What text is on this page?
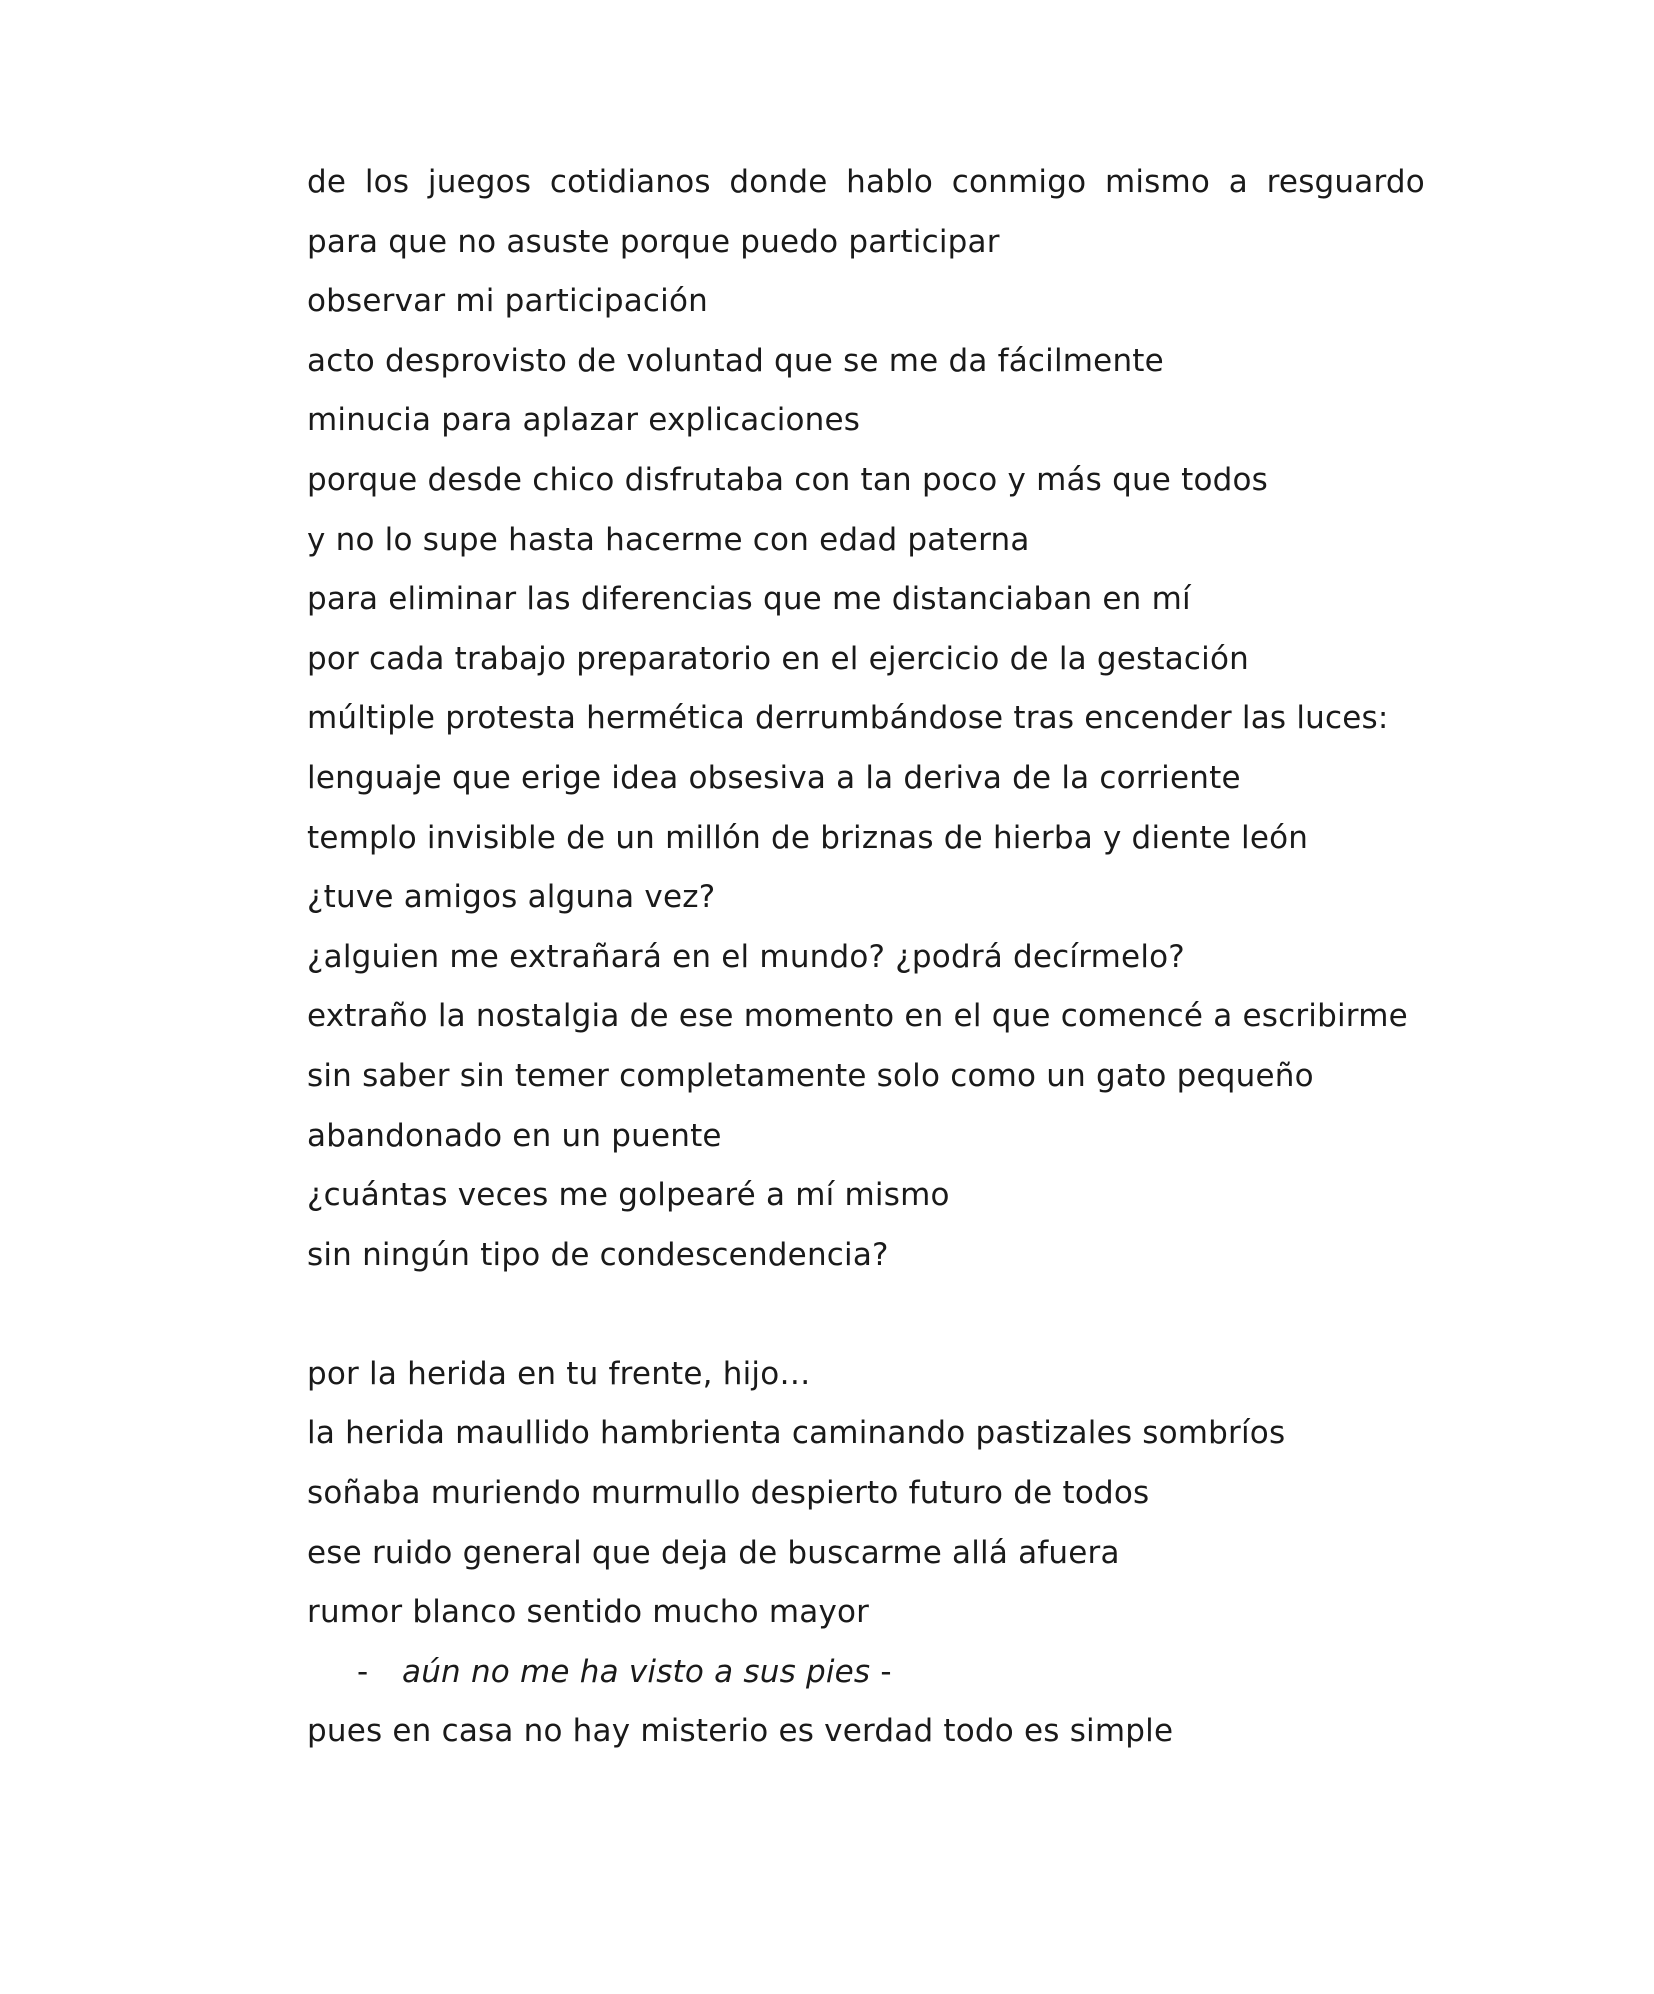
de los juegos cotidianos donde hablo conmigo mismo a resguardo
para que no asuste porque puedo participar
observar mi participación
acto desprovisto de voluntad que se me da fácilmente
minucia para aplazar explicaciones
porque desde chico disfrutaba con tan poco y más que todos
y no lo supe hasta hacerme con edad paterna
para eliminar las diferencias que me distanciaban en mí
por cada trabajo preparatorio en el ejercicio de la gestación
múltiple protesta hermética derrumbándose tras encender las luces:
lenguaje que erige idea obsesiva a la deriva de la corriente
templo invisible de un millón de briznas de hierba y diente león
¿tuve amigos alguna vez?
¿alguien me extrañará en el mundo? ¿podrá decírmelo?
extraño la nostalgia de ese momento en el que comencé a escribirme
sin saber sin temer completamente solo como un gato pequeño
abandonado en un puente
¿cuántas veces me golpearé a mí mismo
sin ningún tipo de condescendencia?
por la herida en tu frente, hijo…
la herida maullido hambrienta caminando pastizales sombríos
soñaba muriendo murmullo despierto futuro de todos
ese ruido general que deja de buscarme allá afuera
rumor blanco sentido mucho mayor
- aún no me ha visto a sus pies -
pues en casa no hay misterio es verdad todo es simple
